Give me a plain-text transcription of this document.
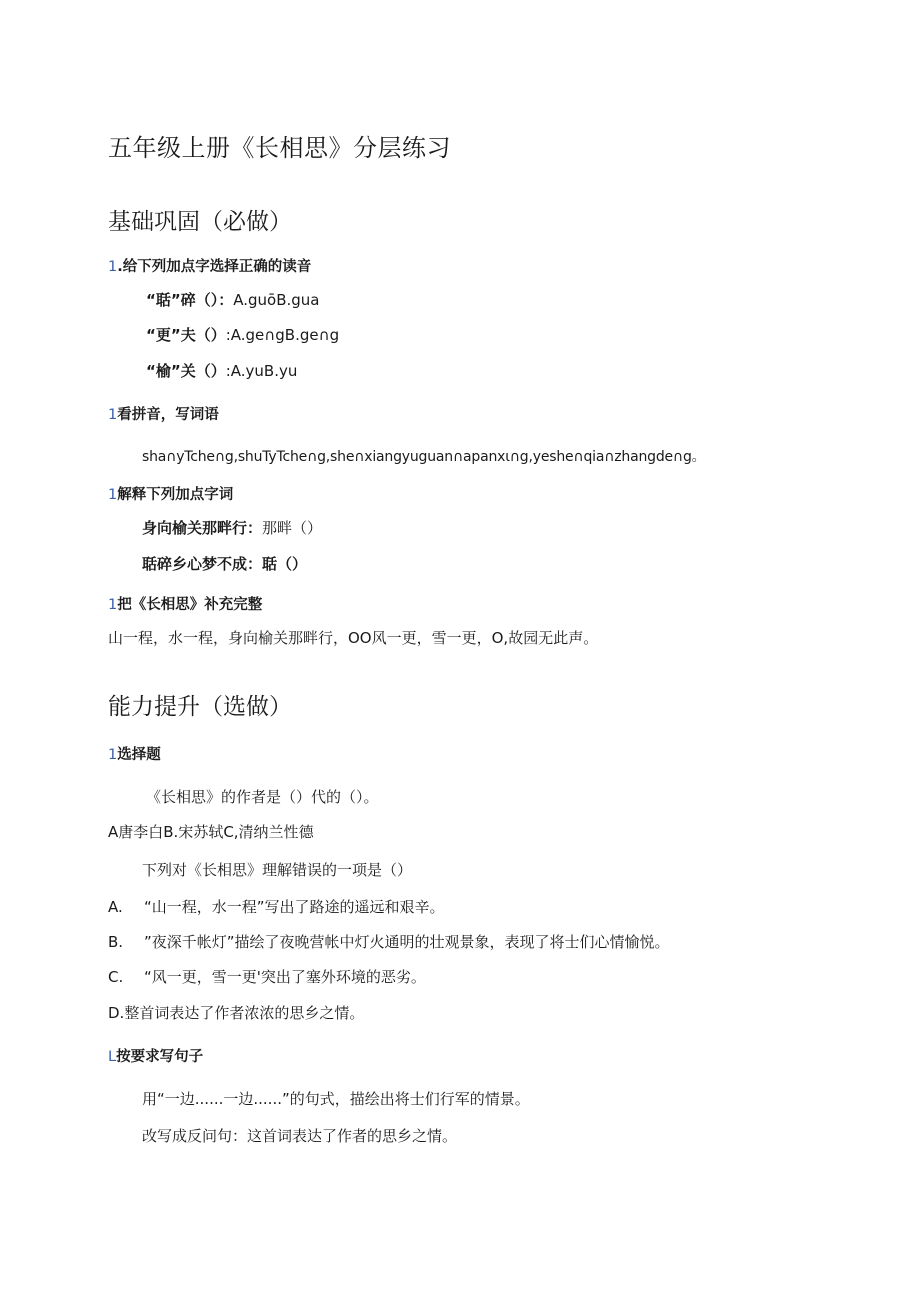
五年级上册《长相思》分层练习
基础巩固（必做）
1.给下列加点字选择正确的读音
“聒”碎（）：A.guōB.gua
“更”夫（）:A.ge∩gB.ge∩g
“榆”关（）:A.yuB.yu
1看拼音，写词语
sha∩yTche∩g,shuTyTche∩g,she∩xiangyuguan∩apanxι∩g,yeshe∩qia∩zhangde∩g。
1解释下列加点字词
身向榆关那畔行：那畔（）
聒碎乡心梦不成：聒（）
1把《长相思》补充完整
山一程，水一程，身向榆关那畔行，OO风一更，雪一更，O,故园无此声。
能力提升（选做）
1选择题
《长相思》的作者是（）代的（）。
A唐李白B.宋苏轼C,清纳兰性德
下列对《长相思》理解错误的一项是（）
A. “山一程，水一程”写出了路途的遥远和艰辛。
B. ”夜深千帐灯”描绘了夜晚营帐中灯火通明的壮观景象，表现了将士们心情愉悦。
C. “风一更，雪一更'突出了塞外环境的恶劣。
D.整首词表达了作者浓浓的思乡之情。
L按要求写句子
用“一边......一边......”的句式，描绘出将士们行军的情景。
改写成反问句：这首词表达了作者的思乡之情。
